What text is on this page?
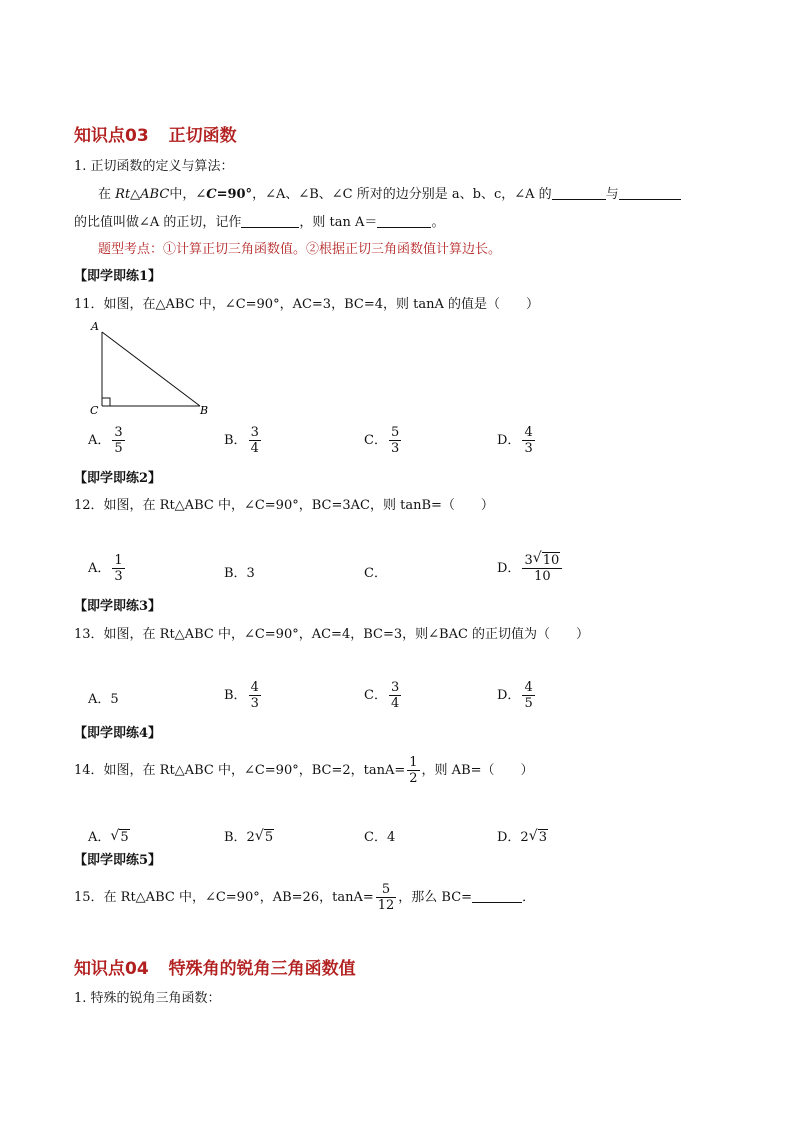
知识点03 正切函数
1. 正切函数的定义与算法：
在 Rt△ABC中，∠C=90°，∠A、∠B、∠C 所对的边分别是 a、b、c，∠A 的	与
的比值叫做∠A 的正切，记作	，则 tan A＝	。
题型考点：①计算正切三角函数值。②根据正切三角函数值计算边长。
【即学即练1】
11．如图，在△ABC 中，∠C=90°，AC=3，BC=4，则 tanA 的值是（　　）
A
C	B
A． $\frac{3}{5}$	B． $\frac{3}{4}$	C． $\frac{5}{3}$	D． $\frac{4}{3}$
【即学即练2】
12．如图，在 Rt△ABC 中，∠C=90°，BC=3AC，则 tanB=（　　）
A． $\frac{1}{3}$	B．3	C．	D． $\frac{3 √ 10}{10}$
【即学即练3】
13．如图，在 Rt△ABC 中，∠C=90°，AC=4，BC=3，则∠BAC 的正切值为（　　）
A．5	B． $\frac{4}{3}$	C． $\frac{3}{4}$	D． $\frac{4}{5}$
【即学即练4】
14．如图，在 Rt△ABC 中，∠C=90°，BC=2，$\tan A= \frac{1}{2}$ ，则 AB=（　　）
A． √ 5	B．2 √ 5	C．4	D．2 √ 3
【即学即练5】
15．在 Rt△ABC 中，∠C=90°，AB=26，$\tan A= \frac{5}{12}$ ，那么 BC=	．
知识点04 特殊角的锐角三角函数值
1. 特殊的锐角三角函数：
